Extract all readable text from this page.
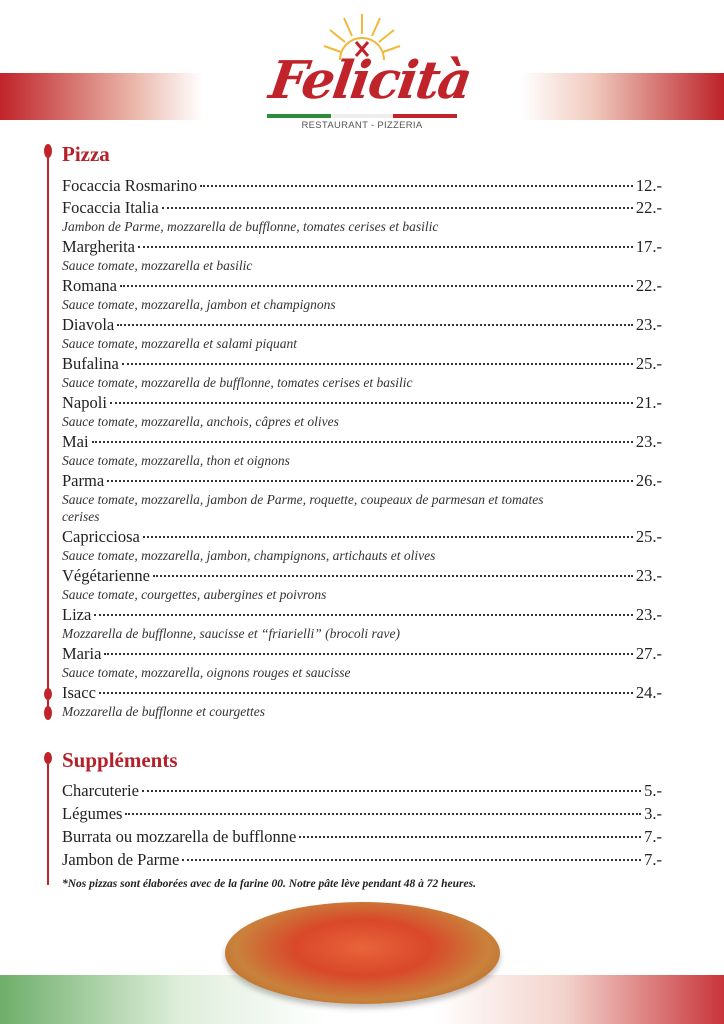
Felicità
RESTAURANT - PIZZERIA
Pizza
Focaccia Rosmarino	12.-
Focaccia Italia	22.-
Jambon de Parme, mozzarella de bufflonne, tomates cerises et basilic
Margherita	17.-
Sauce tomate, mozzarella et basilic
Romana	22.-
Sauce tomate, mozzarella, jambon et champignons
Diavola	23.-
Sauce tomate, mozzarella et salami piquant
Bufalina	25.-
Sauce tomate, mozzarella de bufflonne, tomates cerises et basilic
Napoli	21.-
Sauce tomate, mozzarella, anchois, câpres et olives
Mai	23.-
Sauce tomate, mozzarella, thon et oignons
Parma	26.-
Sauce tomate, mozzarella, jambon de Parme, roquette, coupeaux de parmesan et tomates cerises
Capricciosa	25.-
Sauce tomate, mozzarella, jambon, champignons, artichauts et olives
Végétarienne	23.-
Sauce tomate, courgettes, aubergines et poivrons
Liza	23.-
Mozzarella de bufflonne, saucisse et “friarielli” (brocoli rave)
Maria	27.-
Sauce tomate, mozzarella, oignons rouges et saucisse
Isacc	24.-
Mozzarella de bufflonne et courgettes
Suppléments
Charcuterie	5.-
Légumes	3.-
Burrata ou mozzarella de bufflonne	7.-
Jambon de Parme	7.-
*Nos pizzas sont élaborées avec de la farine 00. Notre pâte lève pendant 48 à 72 heures.
